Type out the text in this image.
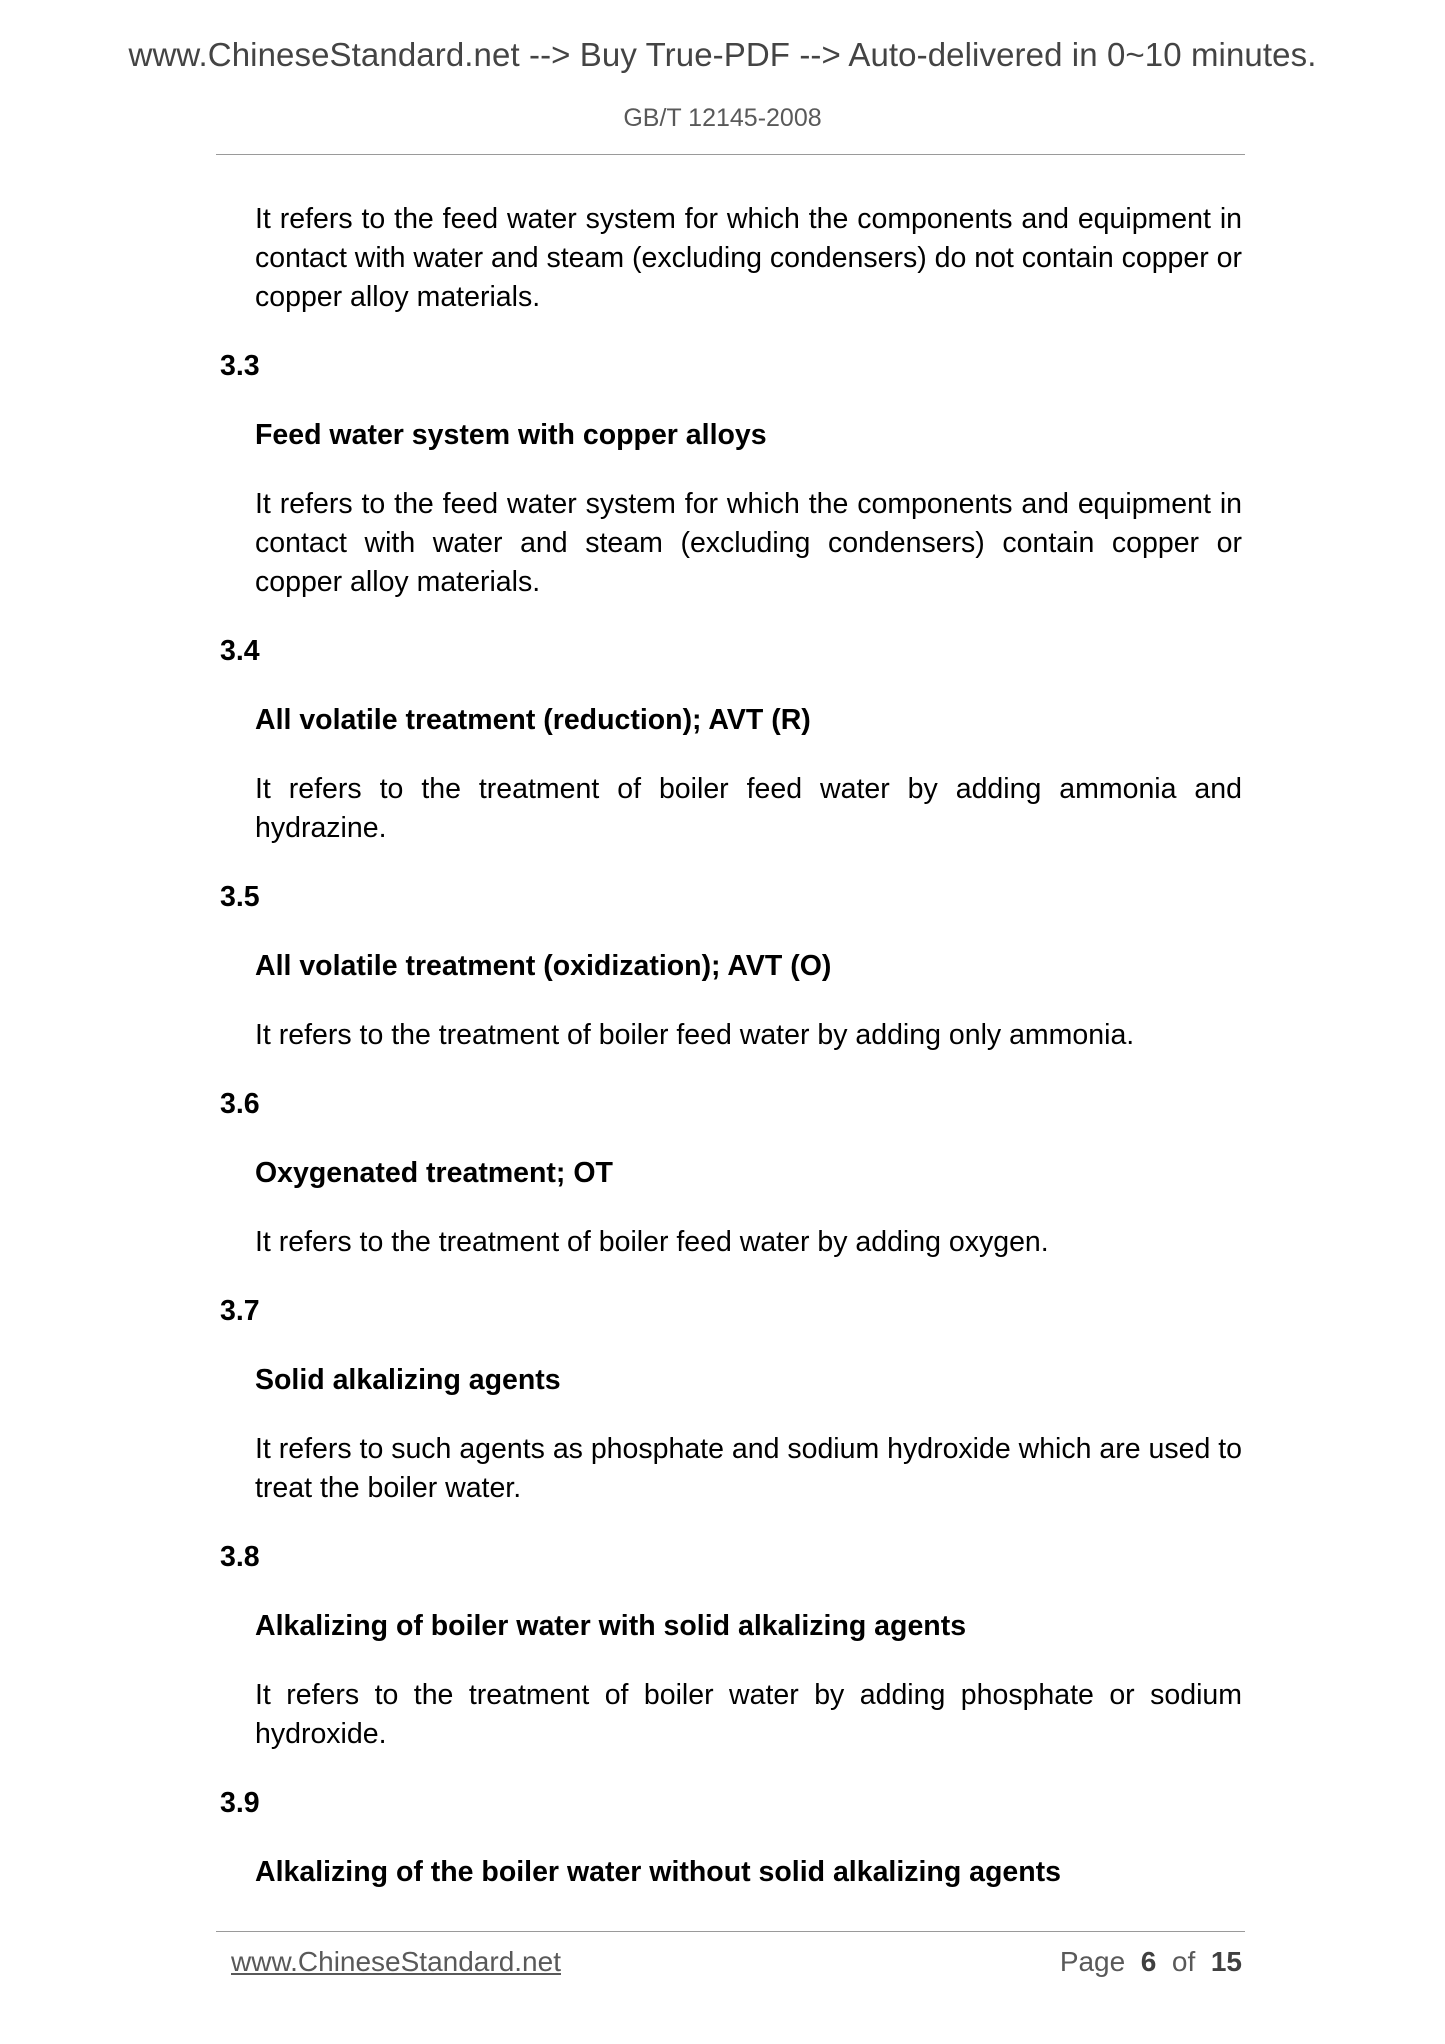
www.ChineseStandard.net --> Buy True-PDF --> Auto-delivered in 0~10 minutes.
GB/T 12145-2008

It refers to the feed water system for which the components and equipment in contact with water and steam (excluding condensers) do not contain copper or copper alloy materials.

3.3

Feed water system with copper alloys

It refers to the feed water system for which the components and equipment in contact with water and steam (excluding condensers) contain copper or copper alloy materials.

3.4

All volatile treatment (reduction); AVT (R)

It refers to the treatment of boiler feed water by adding ammonia and hydrazine.

3.5

All volatile treatment (oxidization); AVT (O)

It refers to the treatment of boiler feed water by adding only ammonia.

3.6

Oxygenated treatment; OT

It refers to the treatment of boiler feed water by adding oxygen.

3.7

Solid alkalizing agents

It refers to such agents as phosphate and sodium hydroxide which are used to treat the boiler water.

3.8

Alkalizing of boiler water with solid alkalizing agents

It refers to the treatment of boiler water by adding phosphate or sodium hydroxide.

3.9

Alkalizing of the boiler water without solid alkalizing agents

www.ChineseStandard.net	Page 6 of 15
